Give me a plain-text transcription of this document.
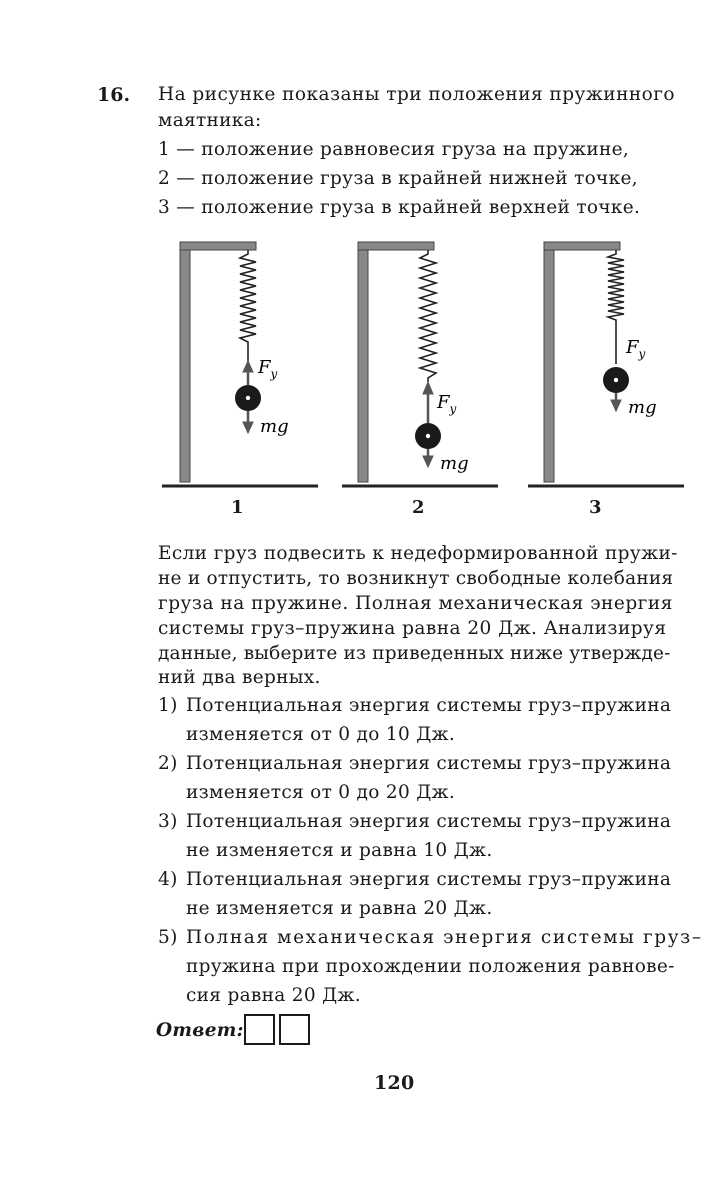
16. На рисунке показаны три положения пружинного
маятника:
1 — положение равновесия груза на пружине,
2 — положение груза в крайней нижней точке,
3 — положение груза в крайней верхней точке.
$F_у$
mg
$F_у$
mg
$F_у$
mg
1	2	3
Если груз подвесить к недеформированной пружи-
не и отпустить, то возникнут свободные колебания
груза на пружине. Полная механическая энергия
системы груз–пружина равна 20 Дж. Анализируя
данные, выберите из приведенных ниже утвержде-
ний два верных.
1) Потенциальная энергия системы груз–пружина
изменяется от 0 до 10 Дж.
2) Потенциальная энергия системы груз–пружина
изменяется от 0 до 20 Дж.
3) Потенциальная энергия системы груз–пружина
не изменяется и равна 10 Дж.
4) Потенциальная энергия системы груз–пружина
не изменяется и равна 20 Дж.
5) Полная механическая энергия системы груз–
пружина при прохождении положения равнове-
сия равна 20 Дж.
Ответ:
120
